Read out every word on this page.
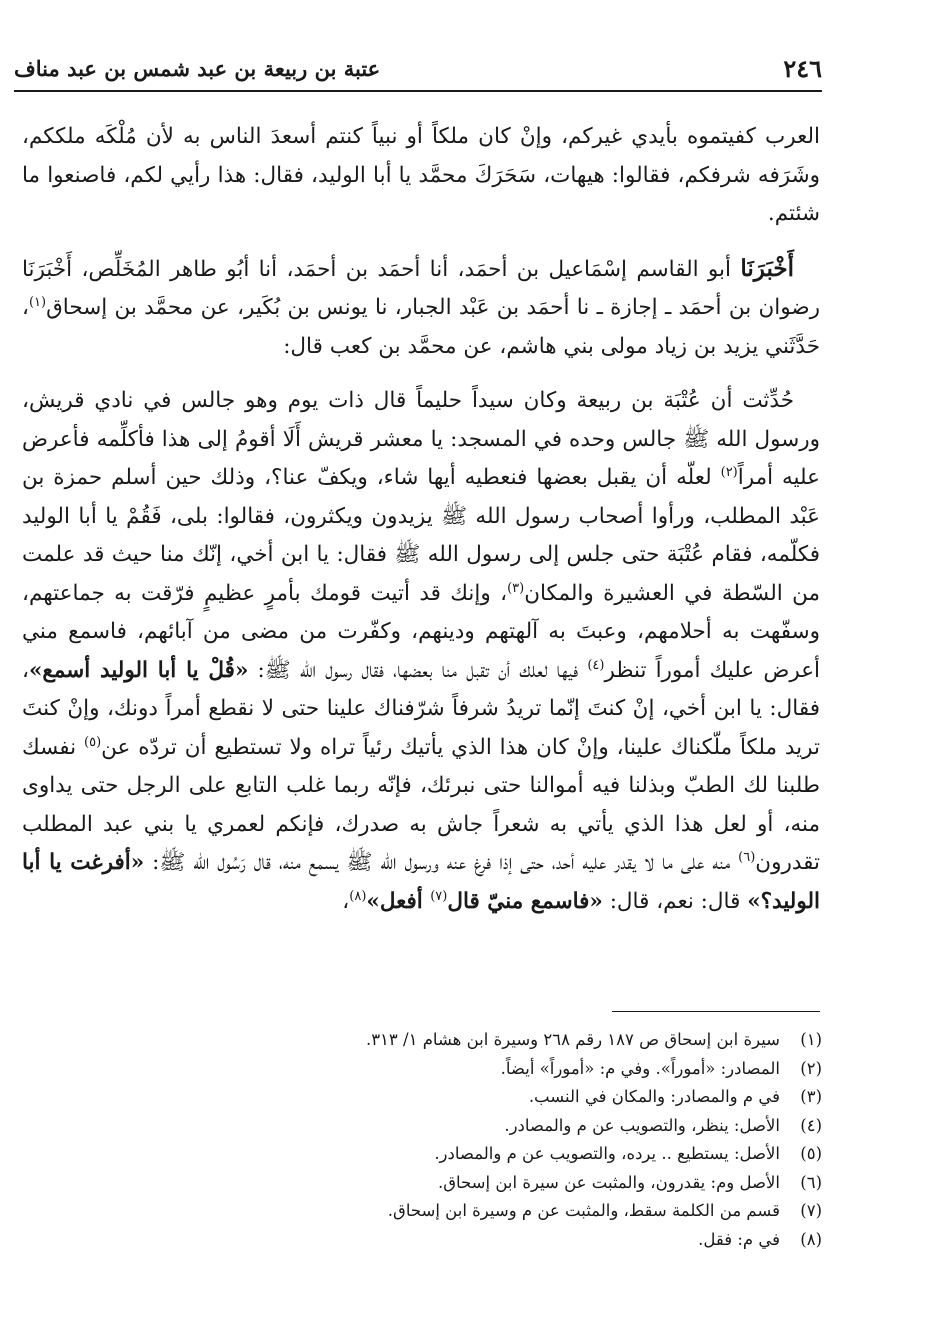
٢٤٦
عتبة بن ربيعة بن عبد شمس بن عبد مناف

العرب كفيتموه بأيدي غيركم، وإنْ كان ملكاً أو نبياً كنتم أسعدَ الناس به لأن مُلْكَه ملككم، وشَرَفه شرفكم، فقالوا: هيهات، سَحَرَكَ محمَّد يا أبا الوليد، فقال: هذا رأيي لكم، فاصنعوا ما شئتم.

أَخْبَرَنَا أبو القاسم إسْمَاعيل بن أحمَد، أنا أحمَد بن أحمَد، أنا أبُو طاهر المُخَلِّص، أَخْبَرَنَا رضوان بن أحمَد ـ إجازة ـ نا أحمَد بن عَبْد الجبار، نا يونس بن بُكَير، عن محمَّد بن إسحاق$^{(١)}$، حَدَّثَني يزيد بن زياد مولى بني هاشم، عن محمَّد بن كعب قال:

حُدِّثت أن عُتْبَة بن ربيعة وكان سيداً حليماً قال ذات يوم وهو جالس في نادي قريش، ورسول الله ﷺ جالس وحده في المسجد: يا معشر قريش أَلَا أقومُ إلى هذا فأكلِّمه فأعرض عليه أمراً$^{(٢)}$ لعلّه أن يقبل بعضها فنعطيه أيها شاء، ويكفّ عنا؟، وذلك حين أسلم حمزة بن عَبْد المطلب، ورأوا أصحاب رسول الله ﷺ يزيدون ويكثرون، فقالوا: بلى، فَقُمْ يا أبا الوليد فكلّمه، فقام عُتْبَة حتى جلس إلى رسول الله ﷺ فقال: يا ابن أخي، إنّك منا حيث قد علمت من السّطة في العشيرة والمكان$^{(٣)}$، وإنك قد أتيت قومك بأمرٍ عظيمٍ فرّقت به جماعتهم، وسفّهت به أحلامهم، وعبتَ به آلهتهم ودينهم، وكفّرت من مضى من آبائهم، فاسمع مني أعرض عليك أموراً تنظر$^{(٤)}$ فيها لعلك أن تقبل منا بعضها، فقال رسول الله ﷺ: «قُلْ يا أبا الوليد أسمع»، فقال: يا ابن أخي، إنْ كنتَ إنّما تريدُ شرفاً شرّفناك علينا حتى لا نقطع أمراً دونك، وإنْ كنتَ تريد ملكاً ملّكناك علينا، وإنْ كان هذا الذي يأتيك رئياً تراه ولا تستطيع أن تردّه عن$^{(٥)}$ نفسك طلبنا لك الطبّ وبذلنا فيه أموالنا حتى نبرئك، فإنّه ربما غلب التابع على الرجل حتى يداوى منه، أو لعل هذا الذي يأتي به شعراً جاش به صدرك، فإنكم لعمري يا بني عبد المطلب تقدرون$^{(٦)}$ منه على ما لا يقدر عليه أحد، حتى إذا فرغ عنه ورسول الله ﷺ يسمع منه، قال رَسُول الله ﷺ: «أفرغت يا أبا الوليد؟» قال: نعم، قال: «فاسمع منيّ قال$^{(٧)}$ أفعل»$^{(٨)}$،

(١)
سيرة ابن إسحاق ص ١٨٧ رقم ٢٦٨ وسيرة ابن هشام ١/ ٣١٣.
(٢)
المصادر: «أموراً». وفي م: «أموراً» أيضاً.
(٣)
في م والمصادر: والمكان في النسب.
(٤)
الأصل: ينظر، والتصويب عن م والمصادر.
(٥)
الأصل: يستطيع .. يرده، والتصويب عن م والمصادر.
(٦)
الأصل وم: يقدرون، والمثبت عن سيرة ابن إسحاق.
(٧)
قسم من الكلمة سقط، والمثبت عن م وسيرة ابن إسحاق.
(٨)
في م: فقل.
